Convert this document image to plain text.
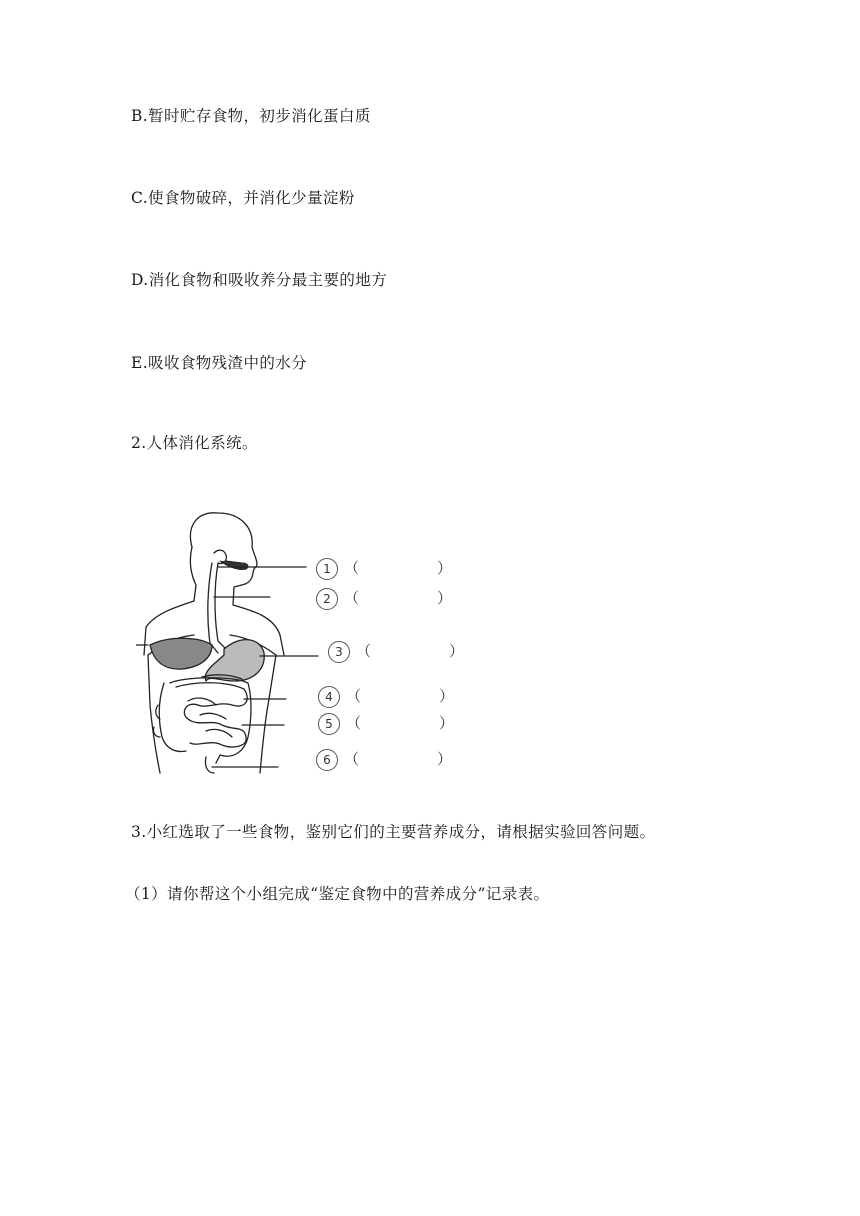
B.暂时贮存食物，初步消化蛋白质
C.使食物破碎，并消化少量淀粉
D.消化食物和吸收养分最主要的地方
E.吸收食物残渣中的水分
2.人体消化系统。
1 （	）
2 （	）
3 （	）
4 （	）
5 （	）
6 （	）
3.小红选取了一些食物，鉴别它们的主要营养成分，请根据实验回答问题。
（1）请你帮这个小组完成“鉴定食物中的营养成分”记录表。
